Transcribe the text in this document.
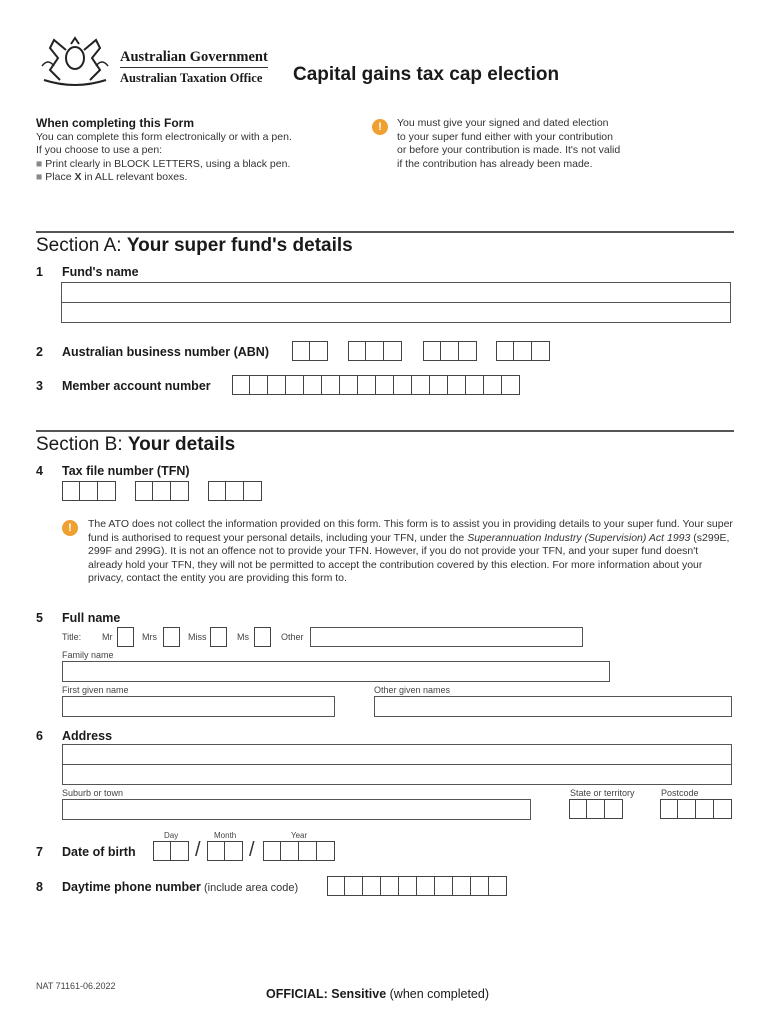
Australian Government
Australian Taxation Office Capital gains tax cap election
When completing this Form
You can complete this form electronically or with a pen.
If you choose to use a pen:
■ Print clearly in BLOCK LETTERS, using a black pen.
■ Place X in ALL relevant boxes.
!	You must give your signed and dated election
to your super fund either with your contribution
or before your contribution is made. It's not valid
if the contribution has already been made.
Section A: Your super fund's details
1 Fund's name
2 Australian business number (ABN)
3 Member account number
Section B: Your details
4 Tax file number (TFN)
!	The ATO does not collect the information provided on this form. This form is to assist you in providing details to your super fund. Your super fund is authorised to request your personal details, including your TFN, under the Superannuation Industry (Supervision) Act 1993 (s299E, 299F and 299G). It is not an offence not to provide your TFN. However, if you do not provide your TFN, and your super fund doesn't already hold your TFN, they will not be permitted to accept the contribution covered by this election. For more information about your privacy, contact the entity you are providing this form to.
5 Full name
Title: Mr	Mrs	Miss	Ms	Other
Family name
First given name	Other given names
6 Address
Suburb or town	State or territory	Postcode
Day	Month	Year
7 Date of birth	/ /
8 Daytime phone number (include area code)
NAT 71161-06.2022
OFFICIAL: Sensitive (when completed)
